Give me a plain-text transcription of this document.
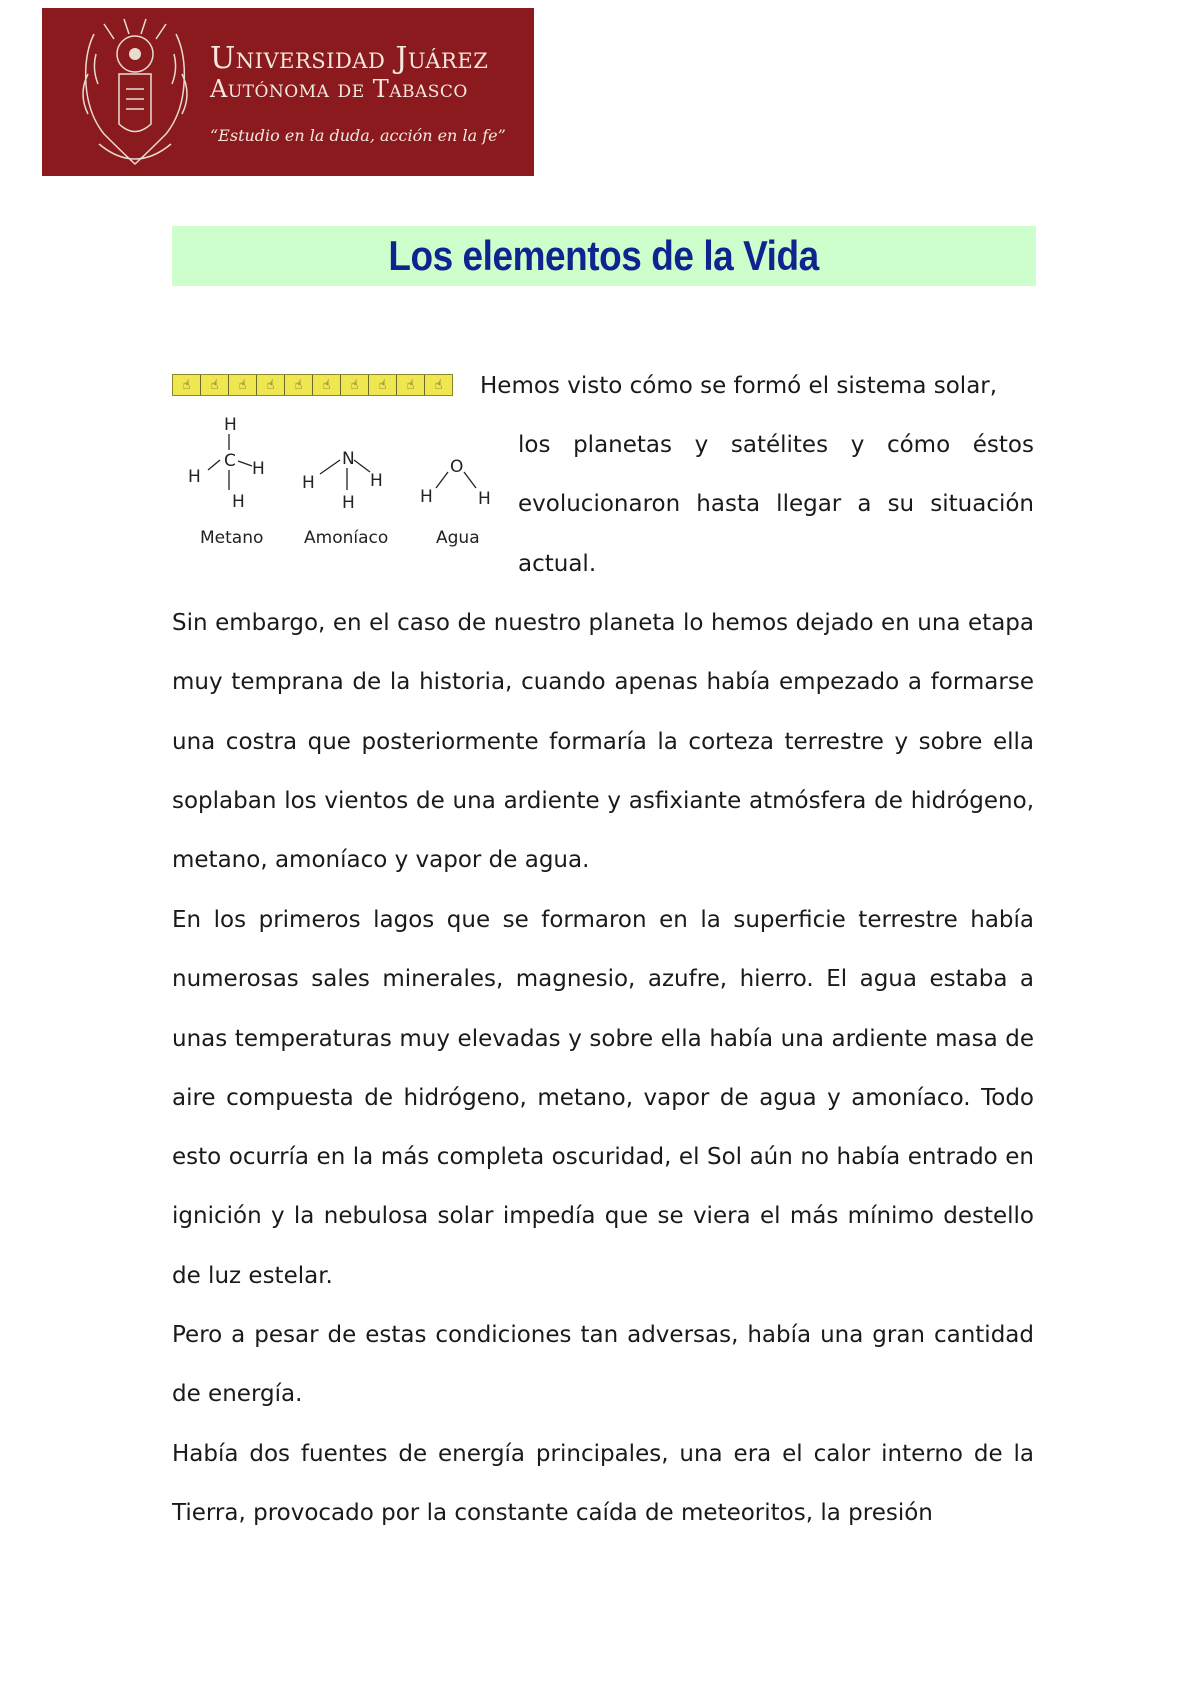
Universidad Juárez
Autónoma de Tabasco
“Estudio en la duda, acción en la fe”
Los elementos de la Vida
☝	☝	☝	☝	☝	☝	☝	☝	☝	☝
H
C
H	H
H
N
H	H
H
O
H	H
Metano Amoníaco	Agua
Hemos visto cómo se formó el sistema solar,
los planetas y satélites y cómo éstos evolucionaron hasta llegar a su situación actual.

Sin embargo, en el caso de nuestro planeta lo hemos dejado en una etapa muy temprana de la historia, cuando apenas había empezado a formarse una costra que posteriormente formaría la corteza terrestre y sobre ella soplaban los vientos de una ardiente y asfixiante atmósfera de hidrógeno, metano, amoníaco y vapor de agua.

En los primeros lagos que se formaron en la superficie terrestre había numerosas sales minerales, magnesio, azufre, hierro. El agua estaba a unas temperaturas muy elevadas y sobre ella había una ardiente masa de aire compuesta de hidrógeno, metano, vapor de agua y amoníaco. Todo esto ocurría en la más completa oscuridad, el Sol aún no había entrado en ignición y la nebulosa solar impedía que se viera el más mínimo destello de luz estelar.

Pero a pesar de estas condiciones tan adversas, había una gran cantidad de energía.

Había dos fuentes de energía principales, una era el calor interno de la Tierra, provocado por la constante caída de meteoritos, la presión
